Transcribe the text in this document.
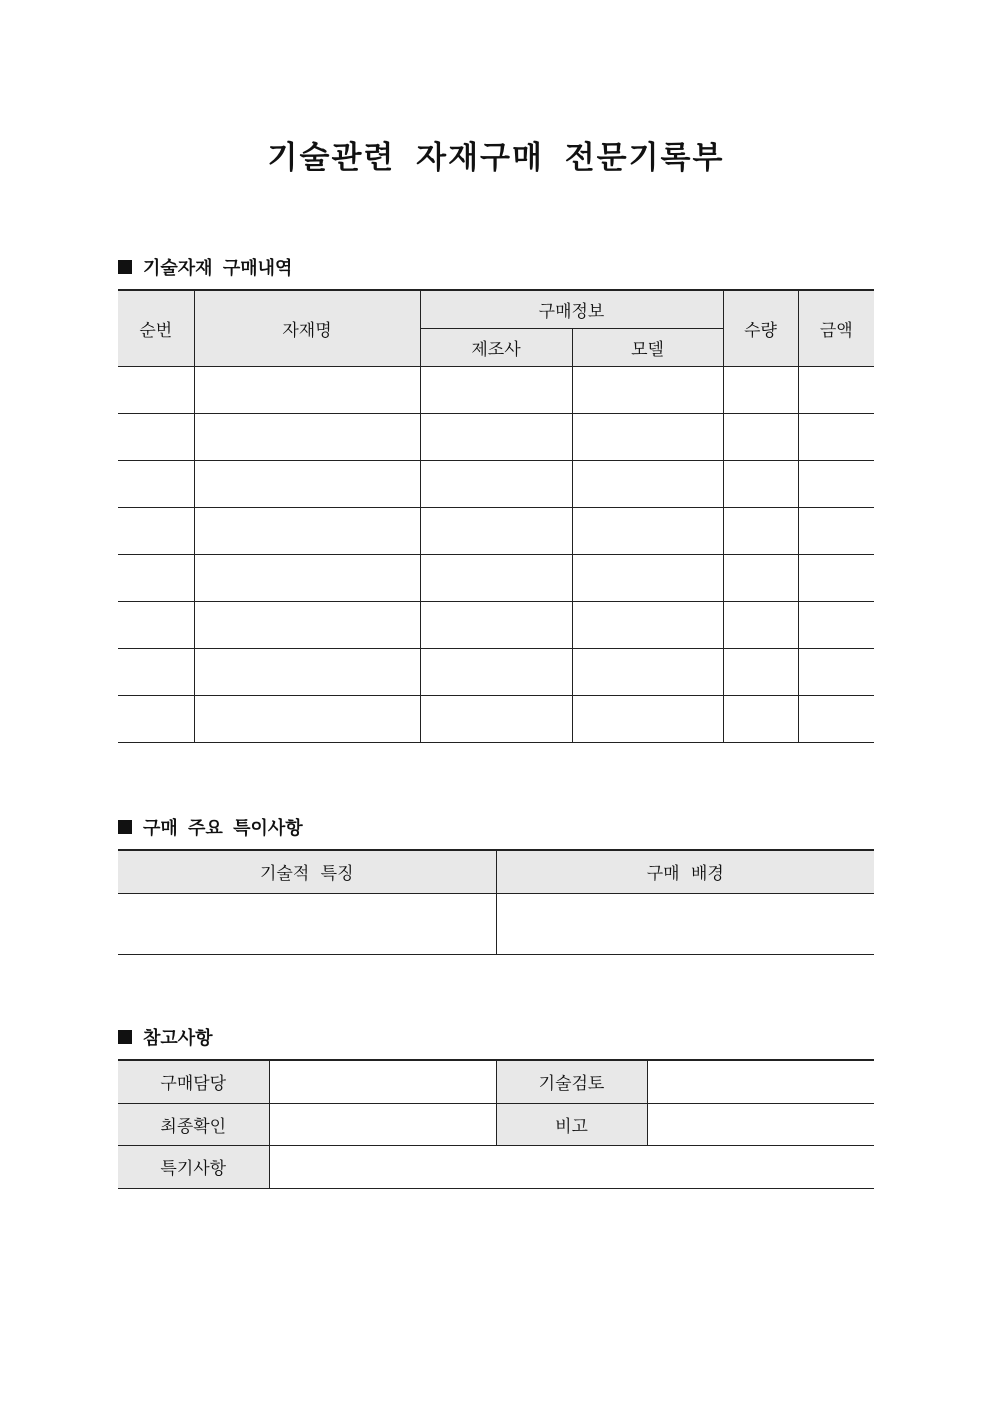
기술관련 자재구매 전문기록부
기술자재 구매내역
순번	자재명	구매정보		수량	금액
		제조사	모델		

구매 주요 특이사항
기술적 특징	구매 배경

참고사항
구매담당		기술검토	
최종확인		비고	
특기사항			
